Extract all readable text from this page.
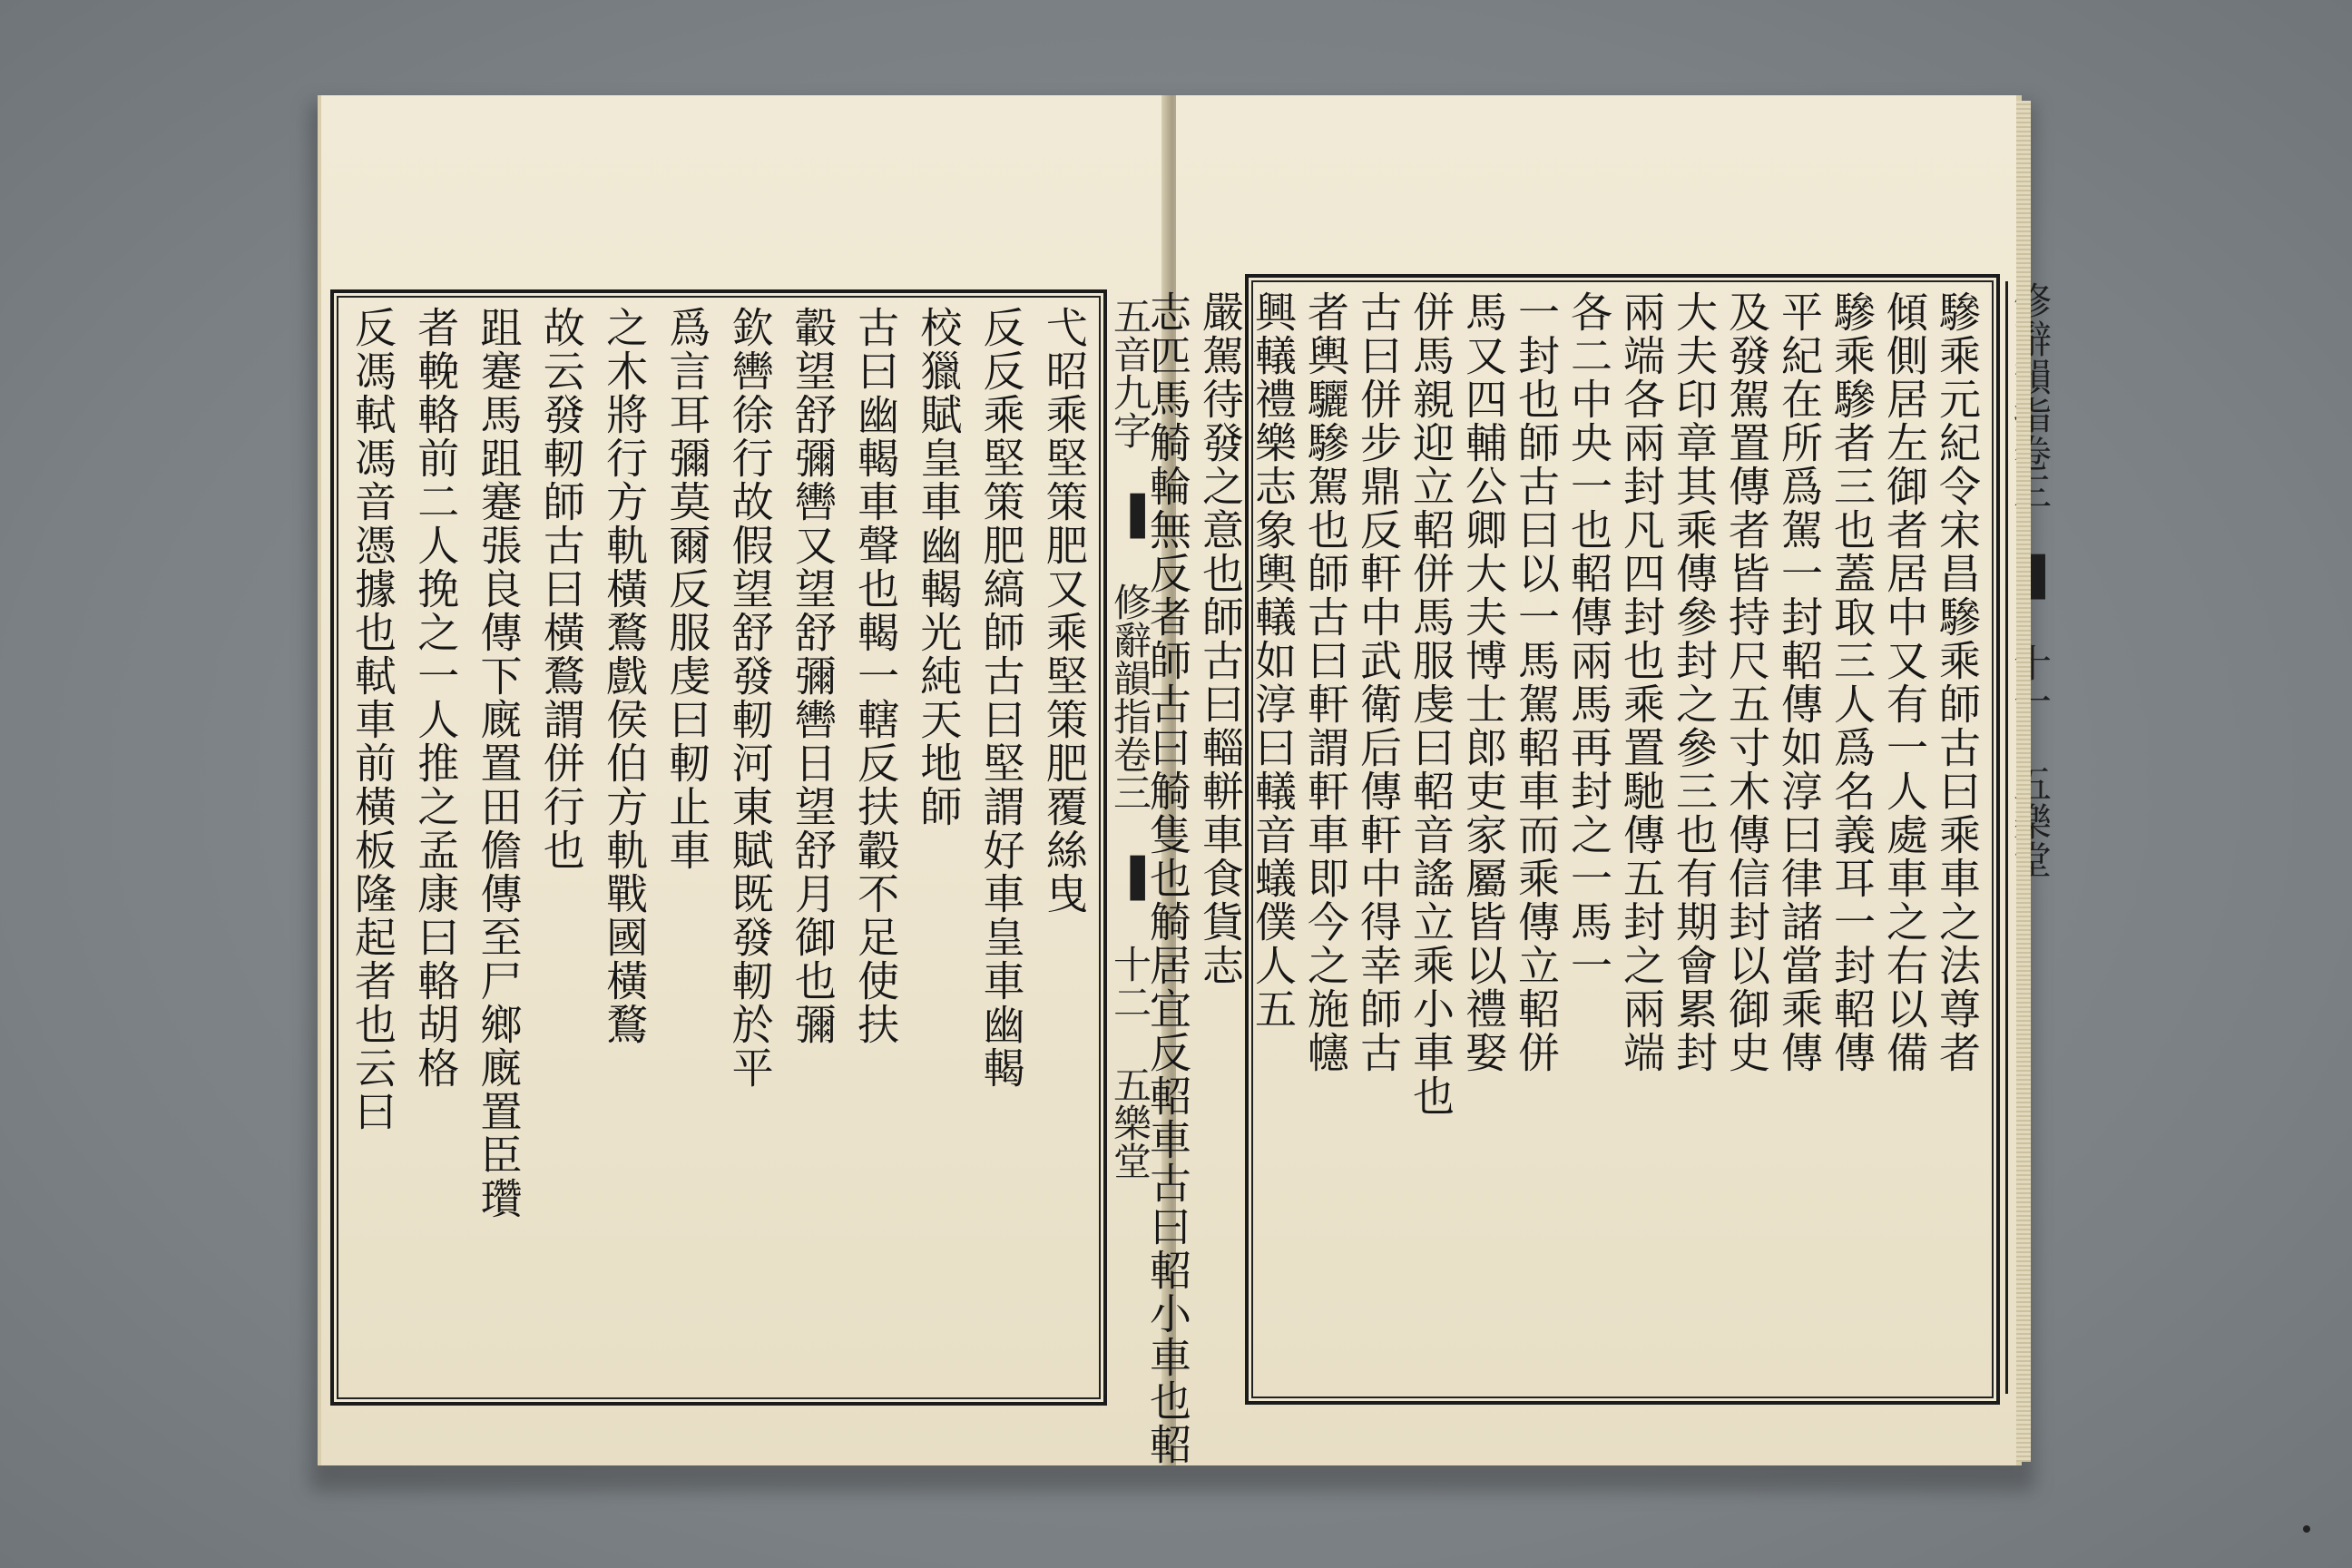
弋昭乘堅策肥又乘堅策肥覆絲曳
反反乘堅策肥縞師古曰堅謂好車皇車幽輵
校獵賦皇車幽輵光純天地師
古曰幽輵車聲也輵一轄反扶轂不足使扶
轂望舒彌轡又望舒彌轡日望舒月御也彌
欽轡徐行故假望舒發軔河東賦既發軔於平
爲言耳彌莫爾反服虔曰軔止車
之木將行方軌橫鶩戲侯伯方軌戰國橫鶩
故云發軔師古曰橫鶩謂併行也
跙蹇馬跙蹇張良傳下廐置田儋傳至尸鄉廐置臣瓚
者輓輅前二人挽之一人推之孟康曰輅胡格
反馮軾馮音憑據也軾車前橫板隆起者也云曰	五音九字 ▐ 修辭韻指卷三 ▐ 十二 五樂堂	驂乘元紀令宋昌驂乘師古曰乘車之法尊者
傾側居左御者居中又有一人處車之右以備
驂乘驂者三也蓋取三人爲名義耳一封軺傳
平紀在所爲駕一封軺傳如淳曰律諸當乘傳
及發駕置傳者皆持尺五寸木傳信封以御史
大夫印章其乘傳參封之參三也有期會累封
兩端各兩封凡四封也乘置馳傳五封之兩端
各二中央一也軺傳兩馬再封之一馬一
一封也師古曰以一馬駕軺車而乘傳立軺併
馬又四輔公卿大夫博士郎吏家屬皆以禮娶
併馬親迎立軺併馬服虔曰軺音謠立乘小車也
古曰併步鼎反軒中武衛后傳軒中得幸師古
者輿驪驂駕也師古曰軒謂軒車即今之施幰
興轙禮樂志象輿轙如淳曰轙音蟻僕人五
嚴駕待發之意也師古曰輜軿車食貨志
志匹馬觭輪無反者師古曰觭隻也觭居宜反軺車古曰軺小車也軺
